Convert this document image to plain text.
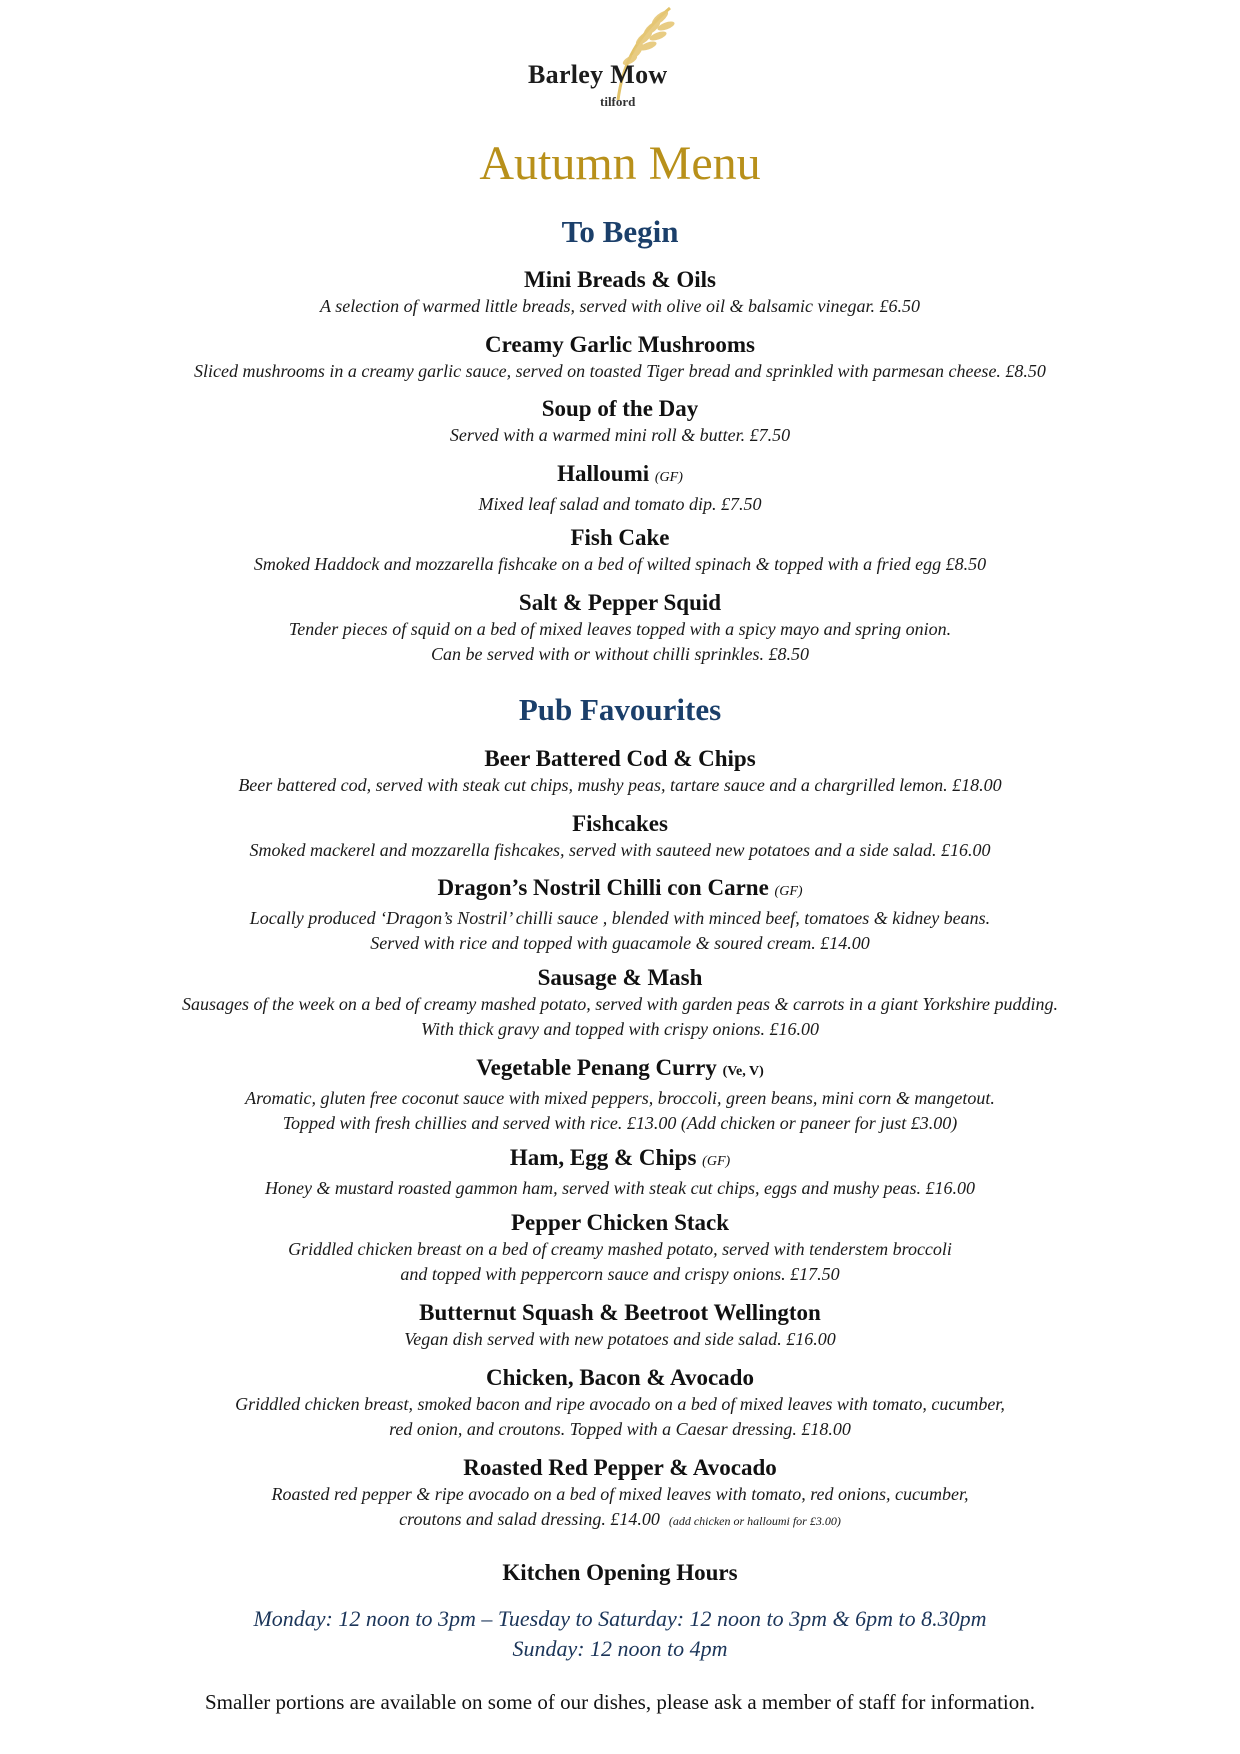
Barley Mow
tilford
Autumn Menu
To Begin
Mini Breads & Oils
A selection of warmed little breads, served with olive oil & balsamic vinegar. £6.50
Creamy Garlic Mushrooms
Sliced mushrooms in a creamy garlic sauce, served on toasted Tiger bread and sprinkled with parmesan cheese. £8.50
Soup of the Day
Served with a warmed mini roll & butter. £7.50
Halloumi (GF)
Mixed leaf salad and tomato dip. £7.50
Fish Cake
Smoked Haddock and mozzarella fishcake on a bed of wilted spinach & topped with a fried egg £8.50
Salt & Pepper Squid
Tender pieces of squid on a bed of mixed leaves topped with a spicy mayo and spring onion.
Can be served with or without chilli sprinkles. £8.50
Pub Favourites
Beer Battered Cod & Chips
Beer battered cod, served with steak cut chips, mushy peas, tartare sauce and a chargrilled lemon. £18.00
Fishcakes
Smoked mackerel and mozzarella fishcakes, served with sauteed new potatoes and a side salad. £16.00
Dragon’s Nostril Chilli con Carne (GF)
Locally produced ‘Dragon’s Nostril’ chilli sauce , blended with minced beef, tomatoes & kidney beans.
Served with rice and topped with guacamole & soured cream. £14.00
Sausage & Mash
Sausages of the week on a bed of creamy mashed potato, served with garden peas & carrots in a giant Yorkshire pudding.
With thick gravy and topped with crispy onions. £16.00
Vegetable Penang Curry (Ve, V)
Aromatic, gluten free coconut sauce with mixed peppers, broccoli, green beans, mini corn & mangetout.
Topped with fresh chillies and served with rice. £13.00 (Add chicken or paneer for just £3.00)
Ham, Egg & Chips (GF)
Honey & mustard roasted gammon ham, served with steak cut chips, eggs and mushy peas. £16.00
Pepper Chicken Stack
Griddled chicken breast on a bed of creamy mashed potato, served with tenderstem broccoli
and topped with peppercorn sauce and crispy onions. £17.50
Butternut Squash & Beetroot Wellington
Vegan dish served with new potatoes and side salad. £16.00
Chicken, Bacon & Avocado
Griddled chicken breast, smoked bacon and ripe avocado on a bed of mixed leaves with tomato, cucumber,
red onion, and croutons. Topped with a Caesar dressing. £18.00
Roasted Red Pepper & Avocado
Roasted red pepper & ripe avocado on a bed of mixed leaves with tomato, red onions, cucumber,
croutons and salad dressing. £14.00 (add chicken or halloumi for £3.00)
Kitchen Opening Hours
Monday: 12 noon to 3pm – Tuesday to Saturday: 12 noon to 3pm & 6pm to 8.30pm
Sunday: 12 noon to 4pm
Smaller portions are available on some of our dishes, please ask a member of staff for information.
